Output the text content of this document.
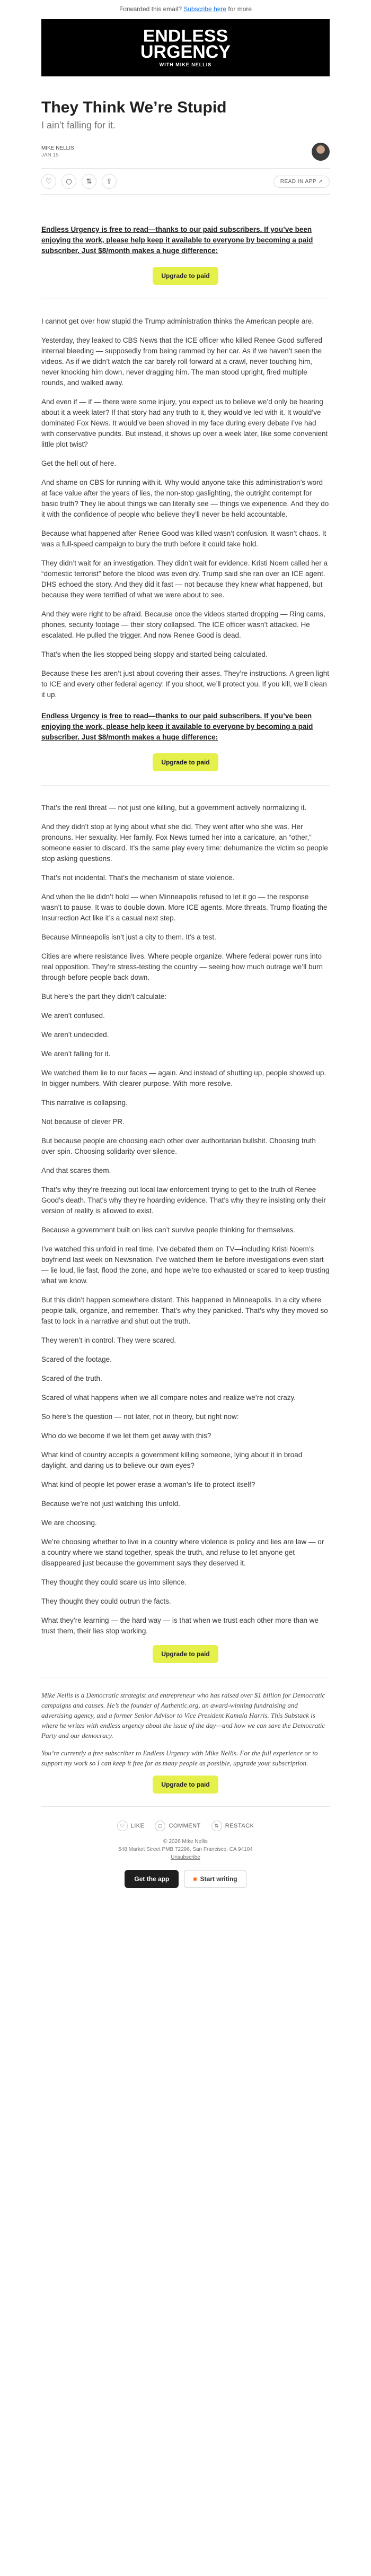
Forwarded this email? Subscribe here for more
ENDLESS
URGENCY
WITH MIKE NELLIS
They Think We’re Stupid
I ain’t falling for it.
MIKE NELLIS
JAN 15
♡	○	⇅	⇪	READ IN APP ↗

Endless Urgency is free to read—thanks to our paid subscribers. If you’ve been enjoying the work, please help keep it available to everyone by becoming a paid subscriber. Just $8/month makes a huge difference:

Upgrade to paid

I cannot get over how stupid the Trump administration thinks the American people are.

Yesterday, they leaked to CBS News that the ICE officer who killed Renee Good suffered internal bleeding — supposedly from being rammed by her car. As if we haven’t seen the videos. As if we didn’t watch the car barely roll forward at a crawl, never touching him, never knocking him down, never dragging him. The man stood upright, fired multiple rounds, and walked away.

And even if — if — there were some injury, you expect us to believe we’d only be hearing about it a week later? If that story had any truth to it, they would’ve led with it. It would’ve dominated Fox News. It would’ve been shoved in my face during every debate I’ve had with conservative pundits. But instead, it shows up over a week later, like some convenient little plot twist?

Get the hell out of here.

And shame on CBS for running with it. Why would anyone take this administration’s word at face value after the years of lies, the non-stop gaslighting, the outright contempt for basic truth? They lie about things we can literally see — things we experience. And they do it with the confidence of people who believe they’ll never be held accountable.

Because what happened after Renee Good was killed wasn’t confusion. It wasn’t chaos. It was a full-speed campaign to bury the truth before it could take hold.

They didn’t wait for an investigation. They didn’t wait for evidence. Kristi Noem called her a “domestic terrorist” before the blood was even dry. Trump said she ran over an ICE agent. DHS echoed the story. And they did it fast — not because they knew what happened, but because they were terrified of what we were about to see.

And they were right to be afraid. Because once the videos started dropping — Ring cams, phones, security footage — their story collapsed. The ICE officer wasn’t attacked. He escalated. He pulled the trigger. And now Renee Good is dead.

That’s when the lies stopped being sloppy and started being calculated.

Because these lies aren’t just about covering their asses. They’re instructions. A green light to ICE and every other federal agency: If you shoot, we’ll protect you. If you kill, we’ll clean it up.

Endless Urgency is free to read—thanks to our paid subscribers. If you’ve been enjoying the work, please help keep it available to everyone by becoming a paid subscriber. Just $8/month makes a huge difference:

Upgrade to paid

That’s the real threat — not just one killing, but a government actively normalizing it.

And they didn’t stop at lying about what she did. They went after who she was. Her pronouns. Her sexuality. Her family. Fox News turned her into a caricature, an “other,” someone easier to discard. It’s the same play every time: dehumanize the victim so people stop asking questions.

That’s not incidental. That’s the mechanism of state violence.

And when the lie didn’t hold — when Minneapolis refused to let it go — the response wasn’t to pause. It was to double down. More ICE agents. More threats. Trump floating the Insurrection Act like it’s a casual next step.

Because Minneapolis isn’t just a city to them. It’s a test.

Cities are where resistance lives. Where people organize. Where federal power runs into real opposition. They’re stress-testing the country — seeing how much outrage we’ll burn through before people back down.

But here’s the part they didn’t calculate:

We aren’t confused.

We aren’t undecided.

We aren’t falling for it.

We watched them lie to our faces — again. And instead of shutting up, people showed up. In bigger numbers. With clearer purpose. With more resolve.

This narrative is collapsing.

Not because of clever PR.

But because people are choosing each other over authoritarian bullshit. Choosing truth over spin. Choosing solidarity over silence.

And that scares them.

That’s why they’re freezing out local law enforcement trying to get to the truth of Renee Good’s death. That’s why they’re hoarding evidence. That’s why they’re insisting only their version of reality is allowed to exist.

Because a government built on lies can’t survive people thinking for themselves.

I’ve watched this unfold in real time. I’ve debated them on TV—including Kristi Noem’s boyfriend last week on Newsnation. I’ve watched them lie before investigations even start — lie loud, lie fast, flood the zone, and hope we’re too exhausted or scared to keep trusting what we know.

But this didn’t happen somewhere distant. This happened in Minneapolis. In a city where people talk, organize, and remember. That’s why they panicked. That’s why they moved so fast to lock in a narrative and shut out the truth.

They weren’t in control. They were scared.

Scared of the footage.

Scared of the truth.

Scared of what happens when we all compare notes and realize we’re not crazy.

So here’s the question — not later, not in theory, but right now:

Who do we become if we let them get away with this?

What kind of country accepts a government killing someone, lying about it in broad daylight, and daring us to believe our own eyes?

What kind of people let power erase a woman’s life to protect itself?

Because we’re not just watching this unfold.

We are choosing.

We’re choosing whether to live in a country where violence is policy and lies are law — or a country where we stand together, speak the truth, and refuse to let anyone get disappeared just because the government says they deserved it.

They thought they could scare us into silence.

They thought they could outrun the facts.

What they’re learning — the hard way — is that when we trust each other more than we trust them, their lies stop working.

Upgrade to paid

Mike Nellis is a Democratic strategist and entrepreneur who has raised over $1 billion for Democratic campaigns and causes. He’s the founder of Authentic.org, an award-winning fundraising and advertising agency, and a former Senior Advisor to Vice President Kamala Harris. This Substack is where he writes with endless urgency about the issue of the day—and how we can save the Democratic Party and our democracy.

You’re currently a free subscriber to Endless Urgency with Mike Nellis. For the full experience or to support my work so I can keep it free for as many people as possible, upgrade your subscription.

Upgrade to paid
♡	LIKE	○	COMMENT	⇅	RESTACK
© 2026 Mike Nellis
548 Market Street PMB 72296, San Francisco, CA 94104
Unsubscribe
Get the app	■ Start writing
